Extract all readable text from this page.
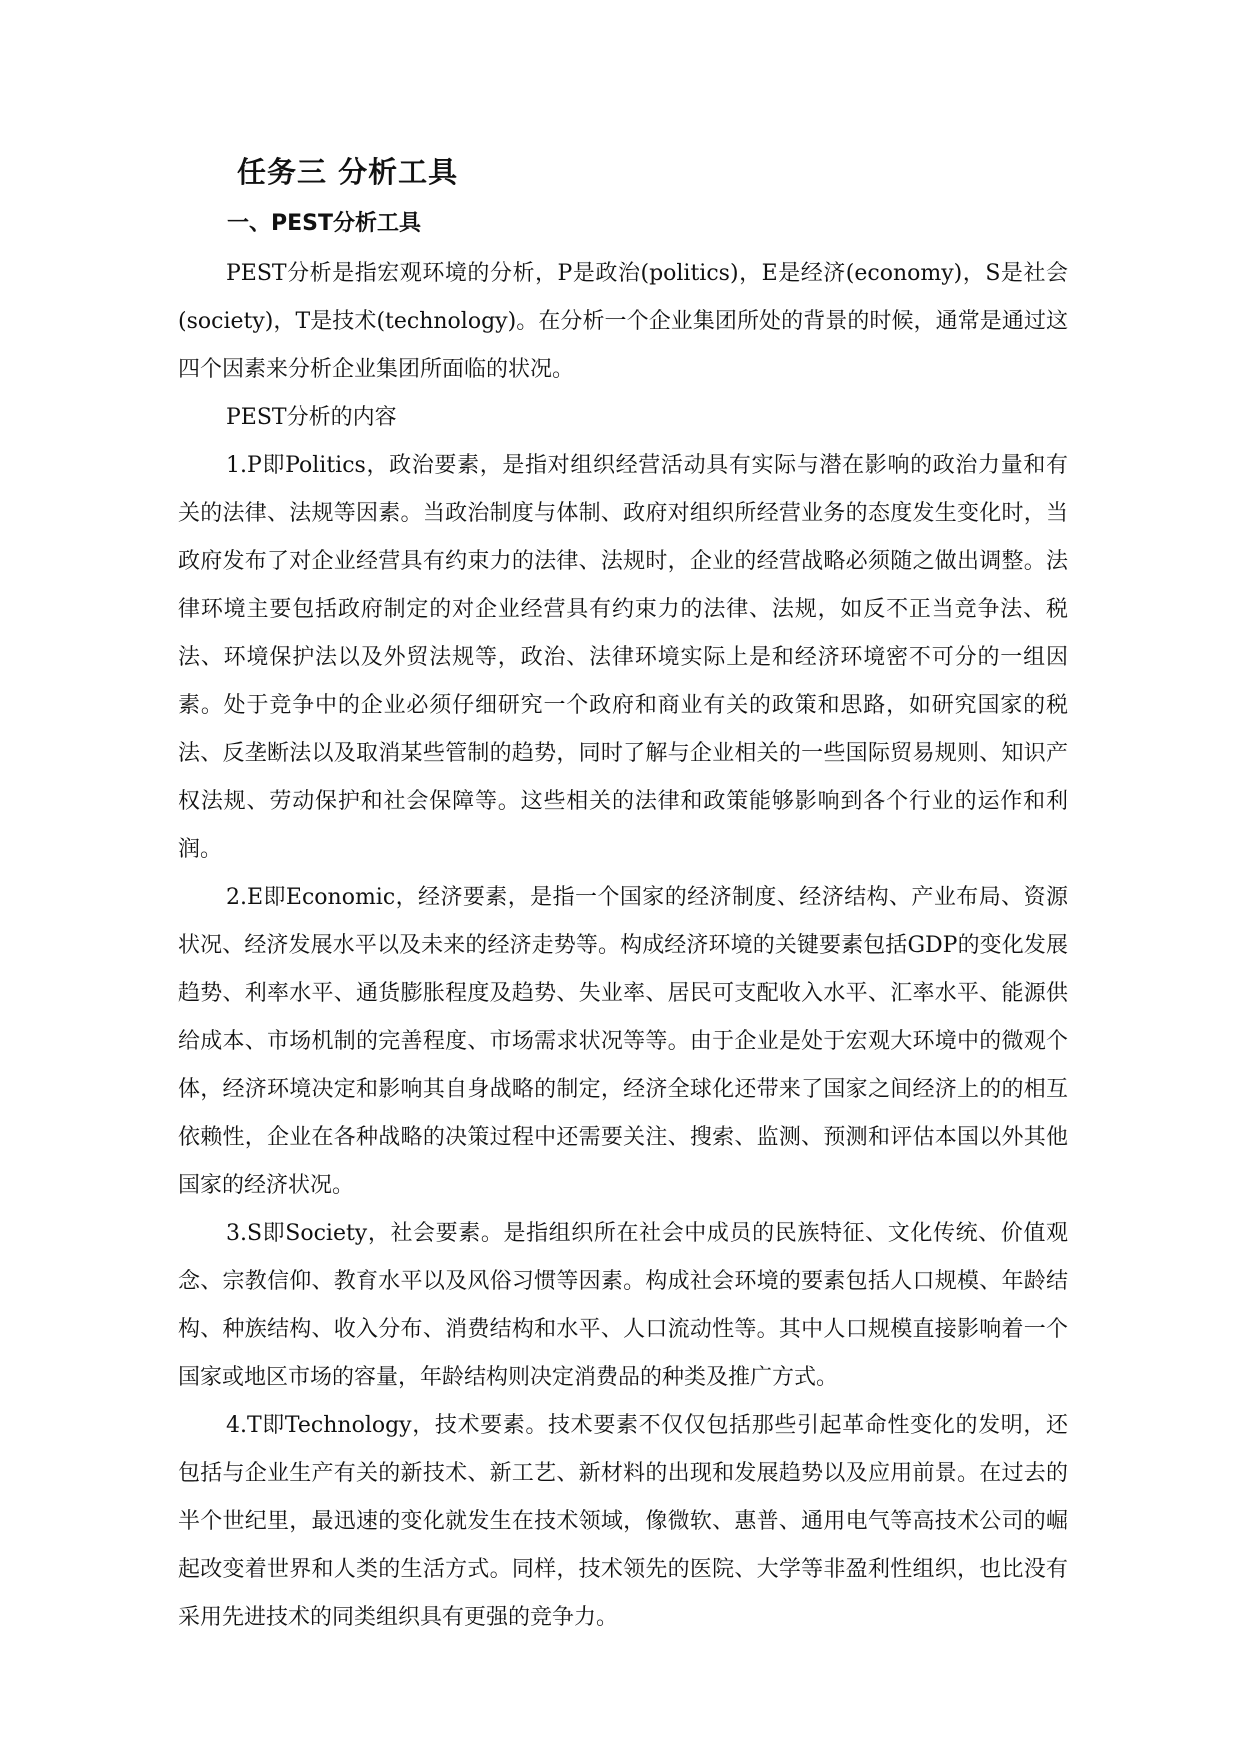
任务三 分析工具
一、PEST分析工具

PEST分析是指宏观环境的分析，P是政治(politics)，E是经济(economy)，S是社会(society)，T是技术(technology)。在分析一个企业集团所处的背景的时候，通常是通过这四个因素来分析企业集团所面临的状况。

PEST分析的内容

1.P即Politics，政治要素，是指对组织经营活动具有实际与潜在影响的政治力量和有关的法律、法规等因素。当政治制度与体制、政府对组织所经营业务的态度发生变化时，当政府发布了对企业经营具有约束力的法律、法规时，企业的经营战略必须随之做出调整。法律环境主要包括政府制定的对企业经营具有约束力的法律、法规，如反不正当竞争法、税法、环境保护法以及外贸法规等，政治、法律环境实际上是和经济环境密不可分的一组因素。处于竞争中的企业必须仔细研究一个政府和商业有关的政策和思路，如研究国家的税法、反垄断法以及取消某些管制的趋势，同时了解与企业相关的一些国际贸易规则、知识产权法规、劳动保护和社会保障等。这些相关的法律和政策能够影响到各个行业的运作和利润。

2.E即Economic，经济要素，是指一个国家的经济制度、经济结构、产业布局、资源状况、经济发展水平以及未来的经济走势等。构成经济环境的关键要素包括GDP的变化发展趋势、利率水平、通货膨胀程度及趋势、失业率、居民可支配收入水平、汇率水平、能源供给成本、市场机制的完善程度、市场需求状况等等。由于企业是处于宏观大环境中的微观个体，经济环境决定和影响其自身战略的制定，经济全球化还带来了国家之间经济上的的相互依赖性，企业在各种战略的决策过程中还需要关注、搜索、监测、预测和评估本国以外其他国家的经济状况。

3.S即Society，社会要素。是指组织所在社会中成员的民族特征、文化传统、价值观念、宗教信仰、教育水平以及风俗习惯等因素。构成社会环境的要素包括人口规模、年龄结构、种族结构、收入分布、消费结构和水平、人口流动性等。其中人口规模直接影响着一个国家或地区市场的容量，年龄结构则决定消费品的种类及推广方式。

4.T即Technology，技术要素。技术要素不仅仅包括那些引起革命性变化的发明，还包括与企业生产有关的新技术、新工艺、新材料的出现和发展趋势以及应用前景。在过去的半个世纪里，最迅速的变化就发生在技术领域，像微软、惠普、通用电气等高技术公司的崛起改变着世界和人类的生活方式。同样，技术领先的医院、大学等非盈利性组织，也比没有采用先进技术的同类组织具有更强的竞争力。
